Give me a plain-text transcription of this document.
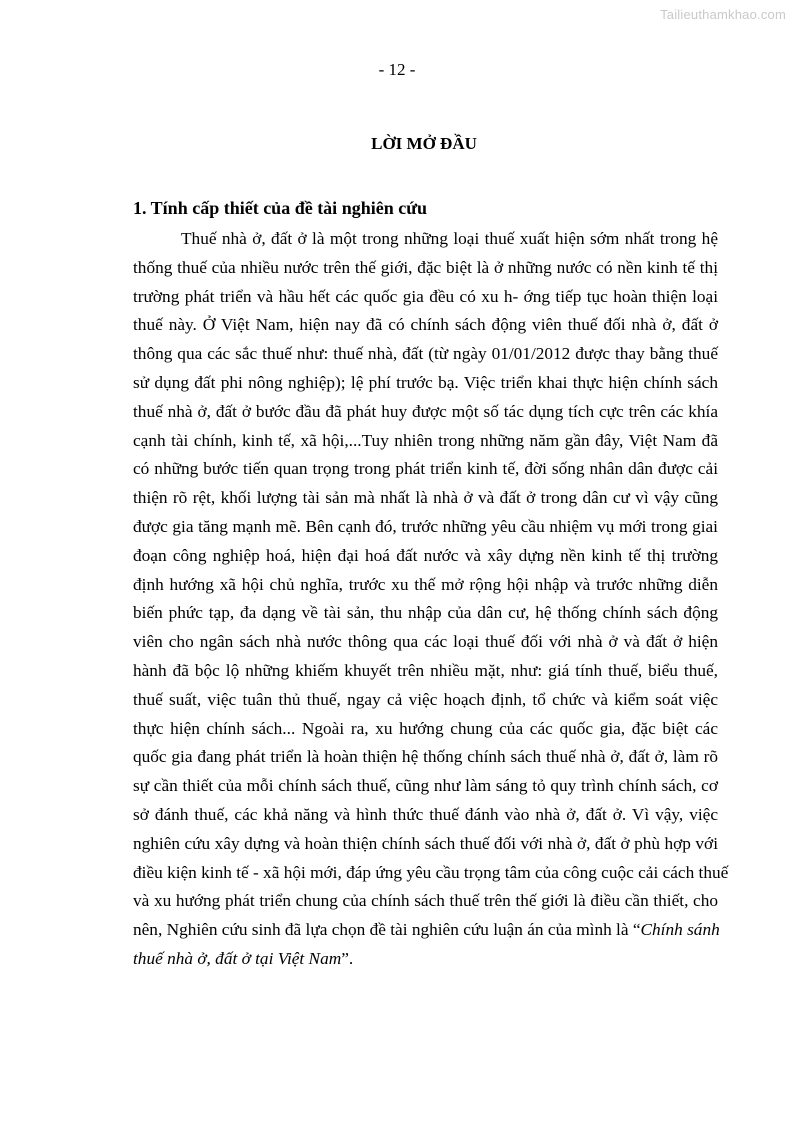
Tailieuthamkhao.com
- 12 -
LỜI MỞ ĐẦU
1. Tính cấp thiết của đề tài nghiên cứu
Thuế nhà ở, đất ở là một trong những loại thuế xuất hiện sớm nhất trong hệ
thống thuế của nhiều nước trên thế giới, đặc biệt là ở những nước có nền kinh tế thị
trường phát triển và hầu hết các quốc gia đều có xu h- ớng tiếp tục hoàn thiện loại
thuế này. Ở Việt Nam, hiện nay đã có chính sách động viên thuế đối nhà ở, đất ở
thông qua các sắc thuế như: thuế nhà, đất (từ ngày 01/01/2012 được thay bằng thuế
sử dụng đất phi nông nghiệp); lệ phí trước bạ. Việc triển khai thực hiện chính sách
thuế nhà ở, đất ở bước đầu đã phát huy được một số tác dụng tích cực trên các khía
cạnh tài chính, kinh tế, xã hội,...Tuy nhiên trong những năm gần đây, Việt Nam đã
có những bước tiến quan trọng trong phát triển kinh tế, đời sống nhân dân được cải
thiện rõ rệt, khối lượng tài sản mà nhất là nhà ở và đất ở trong dân cư vì vậy cũng
được gia tăng mạnh mẽ. Bên cạnh đó, trước những yêu cầu nhiệm vụ mới trong giai
đoạn công nghiệp hoá, hiện đại hoá đất nước và xây dựng nền kinh tế thị trường
định hướng xã hội chủ nghĩa, trước xu thế mở rộng hội nhập và trước những diễn
biến phức tạp, đa dạng về tài sản, thu nhập của dân cư, hệ thống chính sách động
viên cho ngân sách nhà nước thông qua các loại thuế đối với nhà ở và đất ở hiện
hành đã bộc lộ những khiếm khuyết trên nhiều mặt, như: giá tính thuế, biểu thuế,
thuế suất, việc tuân thủ thuế, ngay cả việc hoạch định, tổ chức và kiểm soát việc
thực hiện chính sách... Ngoài ra, xu hướng chung của các quốc gia, đặc biệt các
quốc gia đang phát triển là hoàn thiện hệ thống chính sách thuế nhà ở, đất ở, làm rõ
sự cần thiết của mỗi chính sách thuế, cũng như làm sáng tỏ quy trình chính sách, cơ
sở đánh thuế, các khả năng và hình thức thuế đánh vào nhà ở, đất ở. Vì vậy, việc
nghiên cứu xây dựng và hoàn thiện chính sách thuế đối với nhà ở, đất ở phù hợp với
điều kiện kinh tế - xã hội mới, đáp ứng yêu cầu trọng tâm của công cuộc cải cách thuế
và xu hướng phát triển chung của chính sách thuế trên thế giới là điều cần thiết, cho
nên, Nghiên cứu sinh đã lựa chọn đề tài nghiên cứu luận án của mình là “Chính sánh
thuế nhà ở, đất ở tại Việt Nam”.
